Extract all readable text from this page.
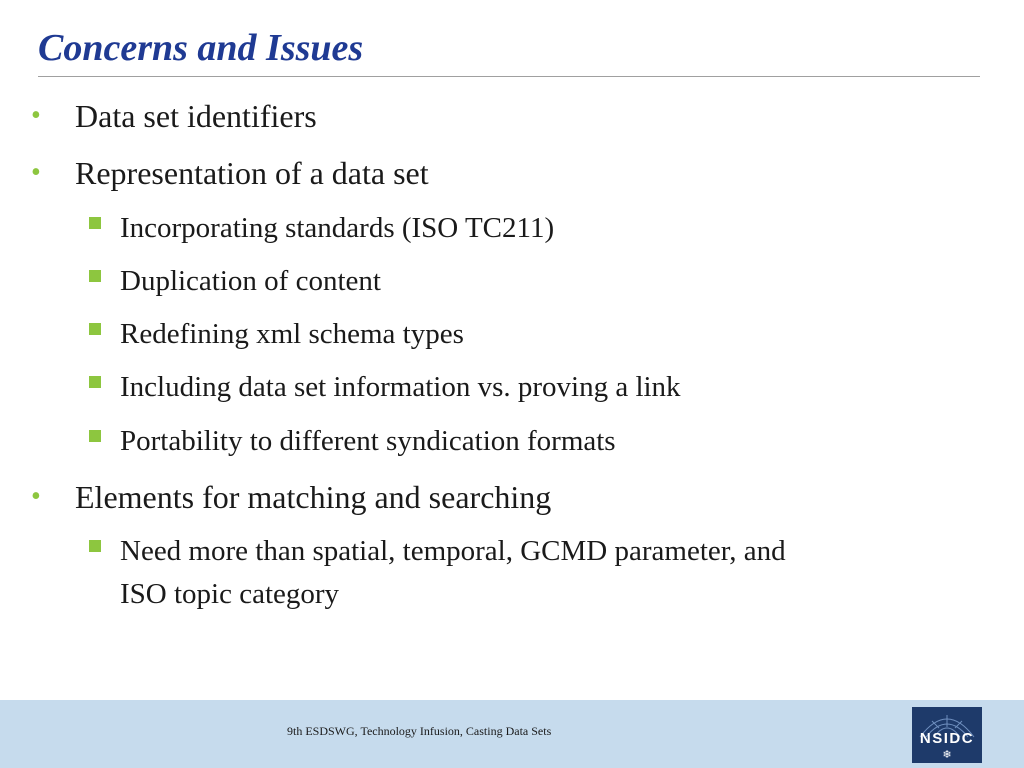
Concerns and Issues
• Data set identifiers
• Representation of a data set
Incorporating standards (ISO TC211)
Duplication of content
Redefining xml schema types
Including data set information vs. proving a link
Portability to different syndication formats
• Elements for matching and searching
Need more than spatial, temporal, GCMD parameter, and ISO topic category
9th ESDSWG, Technology Infusion, Casting Data Sets	NSIDC
❄
